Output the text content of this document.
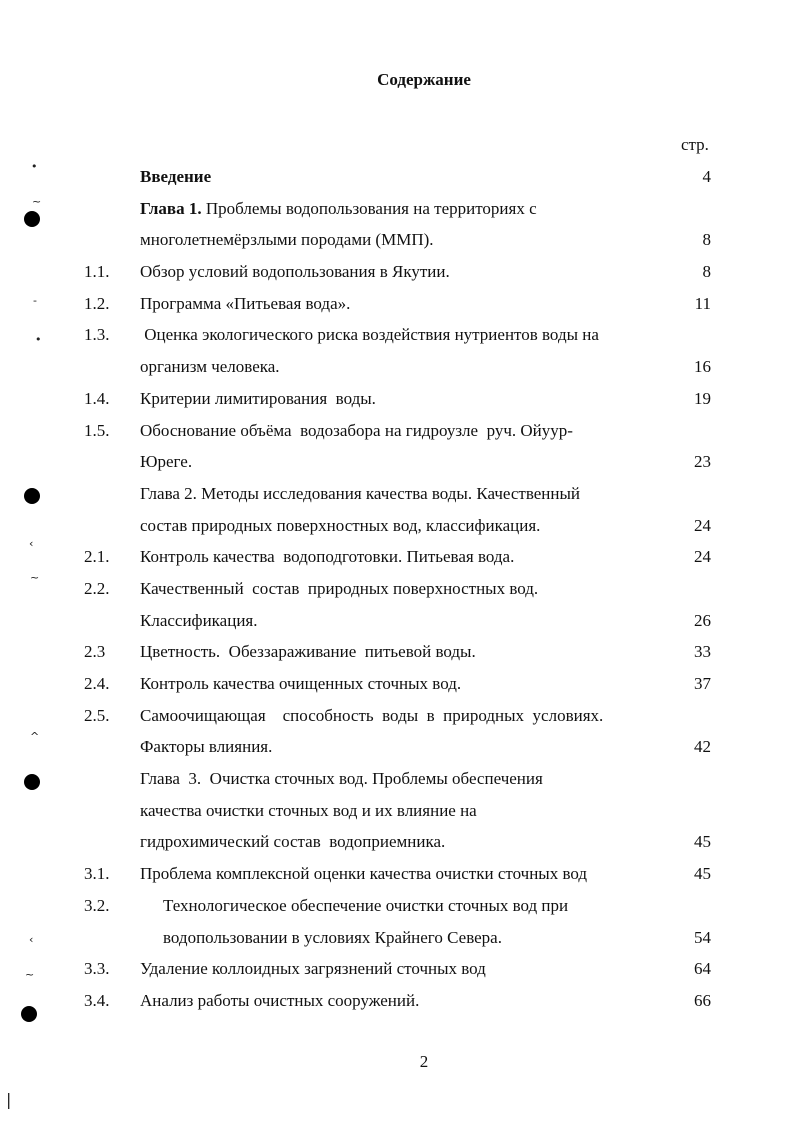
Содержание
стр.
Введение	4
Глава 1. Проблемы водопользования на территориях с
многолетнемёрзлыми породами (ММП).	8
1.1. Обзор условий водопользования в Якутии.	8
1.2. Программа «Питьевая вода».	11
1.3. Оценка экологического риска воздействия нутриентов воды на
организм человека.	16
1.4. Критерии лимитирования  воды.	19
1.5. Обоснование объёма  водозабора на гидроузле  руч. Ойуур-
Юреге.	23
Глава 2. Методы исследования качества воды. Качественный
состав природных поверхностных вод, классификация.	24
2.1. Контроль качества  водоподготовки. Питьевая вода.	24
2.2. Качественный  состав  природных поверхностных вод.
Классификация.	26
2.3 Цветность.  Обеззараживание  питьевой воды.	33
2.4. Контроль качества очищенных сточных вод.	37
2.5. Самоочищающая    способность  воды  в  природных  условиях.
Факторы влияния.	42
Глава  3.  Очистка сточных вод. Проблемы обеспечения
качества очистки сточных вод и их влияние на
гидрохимический состав  водоприемника.	45
3.1. Проблема комплексной оценки качества очистки сточных вод	45
3.2.	Технологическое обеспечение очистки сточных вод при
водопользовании в условиях Крайнего Севера.	54
3.3. Удаление коллоидных загрязнений сточных вод	64
3.4. Анализ работы очистных сооружений.	66
2
•
~
-
•
‹
~
^
‹
~
|
